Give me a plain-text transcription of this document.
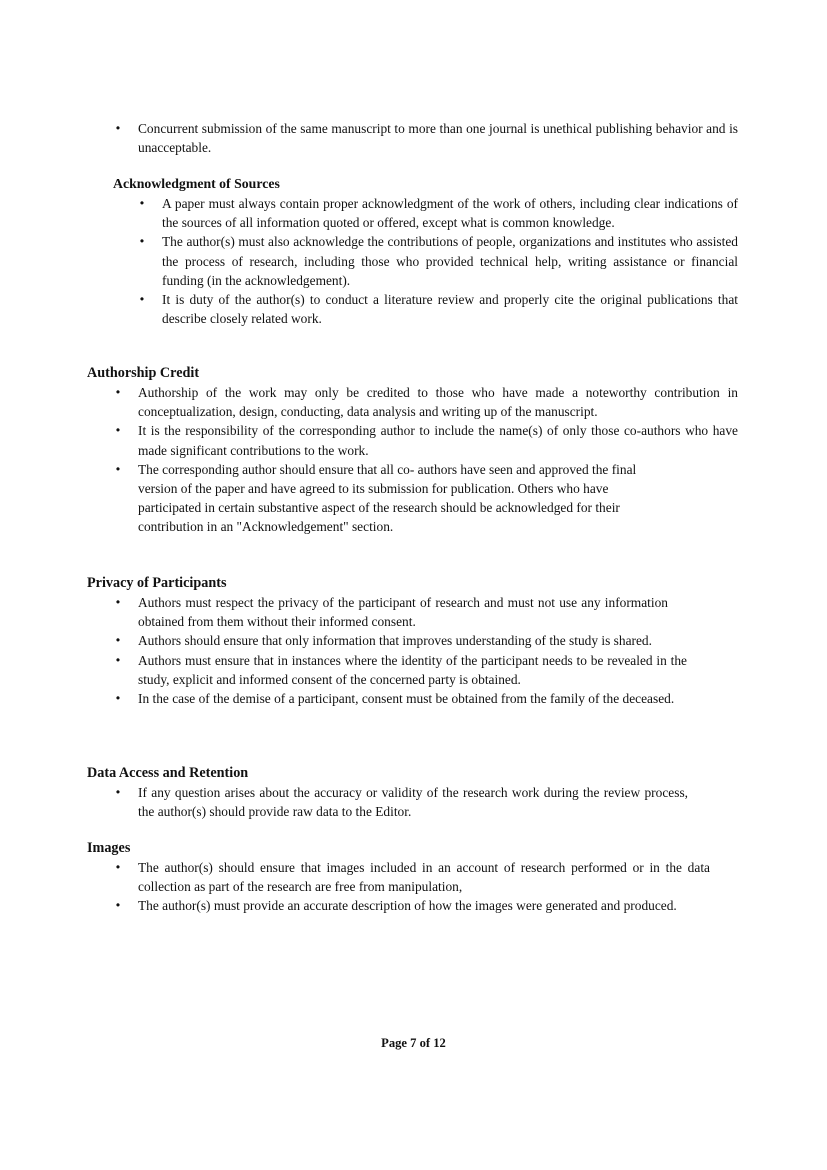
• Concurrent submission of the same manuscript to more than one journal is unethical publishing behavior and is unacceptable.
Acknowledgment of Sources
• A paper must always contain proper acknowledgment of the work of others, including clear indications of the sources of all information quoted or offered, except what is common knowledge.
• The author(s) must also acknowledge the contributions of people, organizations and institutes who assisted the process of research, including those who provided technical help, writing assistance or financial funding (in the acknowledgement).
• It is duty of the author(s) to conduct a literature review and properly cite the original publications that describe closely related work.
Authorship Credit
• Authorship of the work may only be credited to those who have made a noteworthy contribution in conceptualization, design, conducting, data analysis and writing up of the manuscript.
• It is the responsibility of the corresponding author to include the name(s) of only those co-authors who have made significant contributions to the work.
• The corresponding author should ensure that all co- authors have seen and approved the final version of the paper and have agreed to its submission for publication. Others who have participated in certain substantive aspect of the research should be acknowledged for their contribution in an "Acknowledgement" section.
Privacy of Participants
• Authors must respect the privacy of the participant of research and must not use any information obtained from them without their informed consent.
• Authors should ensure that only information that improves understanding of the study is shared.
• Authors must ensure that in instances where the identity of the participant needs to be revealed in the study, explicit and informed consent of the concerned party is obtained.
• In the case of the demise of a participant, consent must be obtained from the family of the deceased.
Data Access and Retention
• If any question arises about the accuracy or validity of the research work during the review process, the author(s) should provide raw data to the Editor.
Images
• The author(s) should ensure that images included in an account of research performed or in the data collection as part of the research are free from manipulation,
• The author(s) must provide an accurate description of how the images were generated and produced.
Page 7 of 12
